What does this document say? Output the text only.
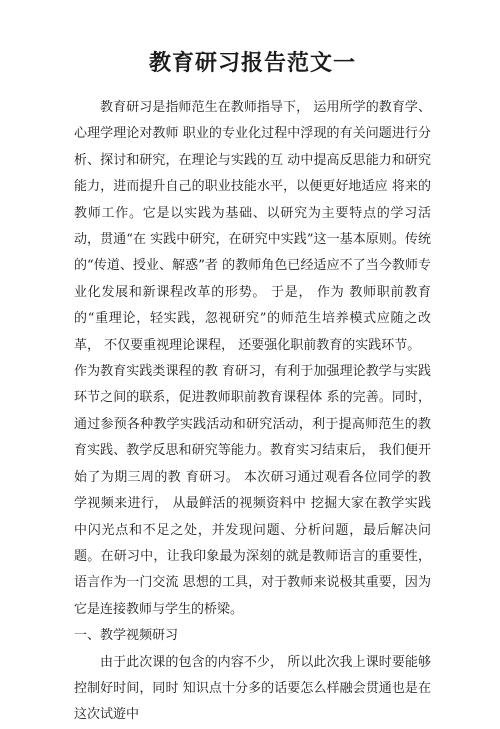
教育研习报告范文一

教育研习是指师范生在教师指导下， 运用所学的教育学、 心理学理论对教师 职业的专业化过程中浮现的有关问题进行分析、探讨和研究，在理论与实践的互 动中提高反思能力和研究能力，进而提升自己的职业技能水平，以便更好地适应 将来的教师工作。它是以实践为基础、以研究为主要特点的学习活动，贯通“在 实践中研究，在研究中实践”这一基本原则。传统的“传道、授业、解惑”者 的教师角色已经适应不了当今教师专业化发展和新课程改革的形势。 于是， 作为 教师职前教育的“重理论，轻实践，忽视研究”的师范生培养模式应随之改革， 不仅要重视理论课程， 还要强化职前教育的实践环节。

作为教育实践类课程的教 育研习，有利于加强理论教学与实践环节之间的联系，促进教师职前教育课程体 系的完善。同时，通过参预各种教学实践活动和研究活动，利于提高师范生的教 育实践、教学反思和研究等能力。教育实习结束后， 我们便开始了为期三周的教 育研习。 本次研习通过观看各位同学的教学视频来进行， 从最鲜活的视频资料中 挖掘大家在教学实践中闪光点和不足之处，并发现问题、分析问题，最后解决问 题。在研习中，让我印象最为深刻的就是教师语言的重要性，语言作为一门交流 思想的工具，对于教师来说极其重要，因为它是连接教师与学生的桥梁。

一、教学视频研习

由于此次课的包含的内容不少， 所以此次我上课时要能够控制好时间，同时 知识点十分多的话要怎么样融会贯通也是在这次试遊中
